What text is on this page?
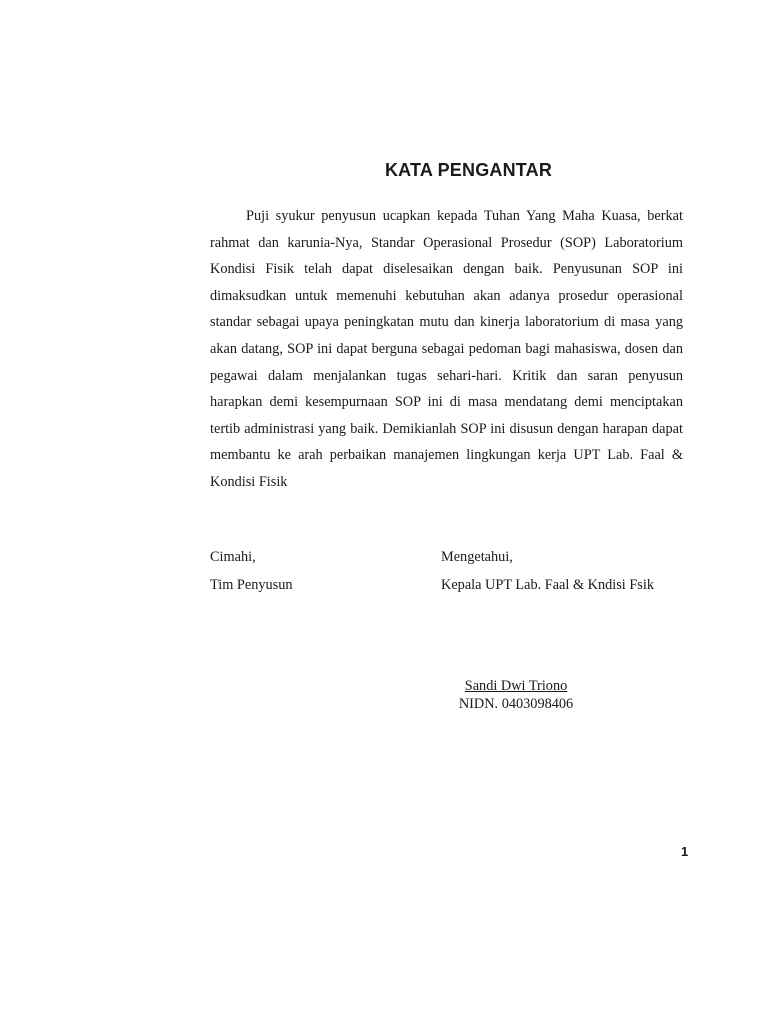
KATA PENGANTAR

Puji syukur penyusun ucapkan kepada Tuhan Yang Maha Kuasa, berkat rahmat dan karunia-Nya, Standar Operasional Prosedur (SOP) Laboratorium Kondisi Fisik telah dapat diselesaikan dengan baik. Penyusunan SOP ini dimaksudkan untuk memenuhi kebutuhan akan adanya prosedur operasional standar sebagai upaya peningkatan mutu dan kinerja laboratorium di masa yang akan datang, SOP ini dapat berguna sebagai pedoman bagi mahasiswa, dosen dan pegawai dalam menjalankan tugas sehari-hari. Kritik dan saran penyusun harapkan demi kesempurnaan SOP ini di masa mendatang demi menciptakan tertib administrasi yang baik. Demikianlah SOP ini disusun dengan harapan dapat membantu ke arah perbaikan manajemen lingkungan kerja UPT Lab. Faal & Kondisi Fisik

Cimahi,
Tim Penyusun
Mengetahui,
Kepala UPT Lab. Faal & Kndisi Fsik
Sandi Dwi Triono
NIDN. 0403098406
1
